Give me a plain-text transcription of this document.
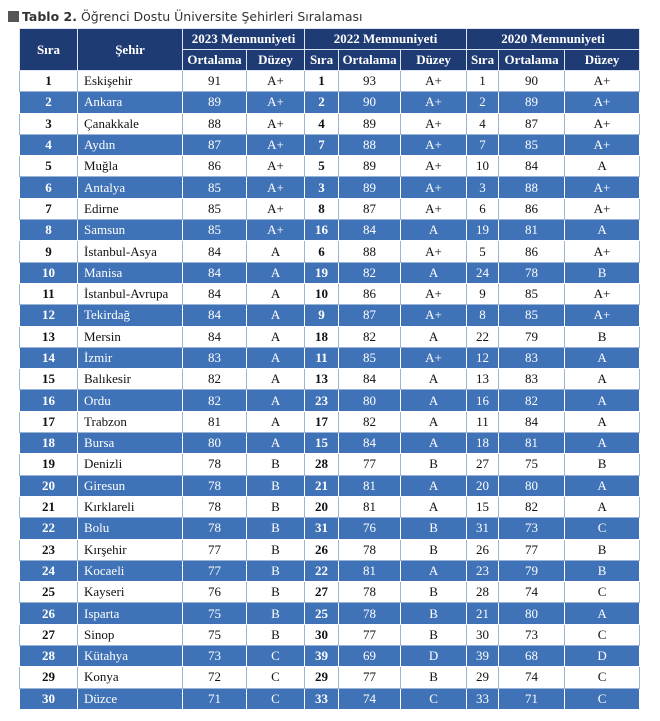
Tablo 2. Öğrenci Dostu Üniversite Şehirleri Sıralaması
Sıra	Şehir	2023 Memnuniyeti		2022 Memnuniyeti			2020 Memnuniyeti		
		Ortalama	Düzey	Sıra	Ortalama	Düzey	Sıra	Ortalama	Düzey
1	Eskişehir	91	A+	1	93	A+	1	90	A+
2	Ankara	89	A+	2	90	A+	2	89	A+
3	Çanakkale	88	A+	4	89	A+	4	87	A+
4	Aydın	87	A+	7	88	A+	7	85	A+
5	Muğla	86	A+	5	89	A+	10	84	A
6	Antalya	85	A+	3	89	A+	3	88	A+
7	Edirne	85	A+	8	87	A+	6	86	A+
8	Samsun	85	A+	16	84	A	19	81	A
9	İstanbul-Asya	84	A	6	88	A+	5	86	A+
10	Manisa	84	A	19	82	A	24	78	B
11	İstanbul-Avrupa	84	A	10	86	A+	9	85	A+
12	Tekirdağ	84	A	9	87	A+	8	85	A+
13	Mersin	84	A	18	82	A	22	79	B
14	İzmir	83	A	11	85	A+	12	83	A
15	Balıkesir	82	A	13	84	A	13	83	A
16	Ordu	82	A	23	80	A	16	82	A
17	Trabzon	81	A	17	82	A	11	84	A
18	Bursa	80	A	15	84	A	18	81	A
19	Denizli	78	B	28	77	B	27	75	B
20	Giresun	78	B	21	81	A	20	80	A
21	Kırklareli	78	B	20	81	A	15	82	A
22	Bolu	78	B	31	76	B	31	73	C
23	Kırşehir	77	B	26	78	B	26	77	B
24	Kocaeli	77	B	22	81	A	23	79	B
25	Kayseri	76	B	27	78	B	28	74	C
26	Isparta	75	B	25	78	B	21	80	A
27	Sinop	75	B	30	77	B	30	73	C
28	Kütahya	73	C	39	69	D	39	68	D
29	Konya	72	C	29	77	B	29	74	C
30	Düzce	71	C	33	74	C	33	71	C
